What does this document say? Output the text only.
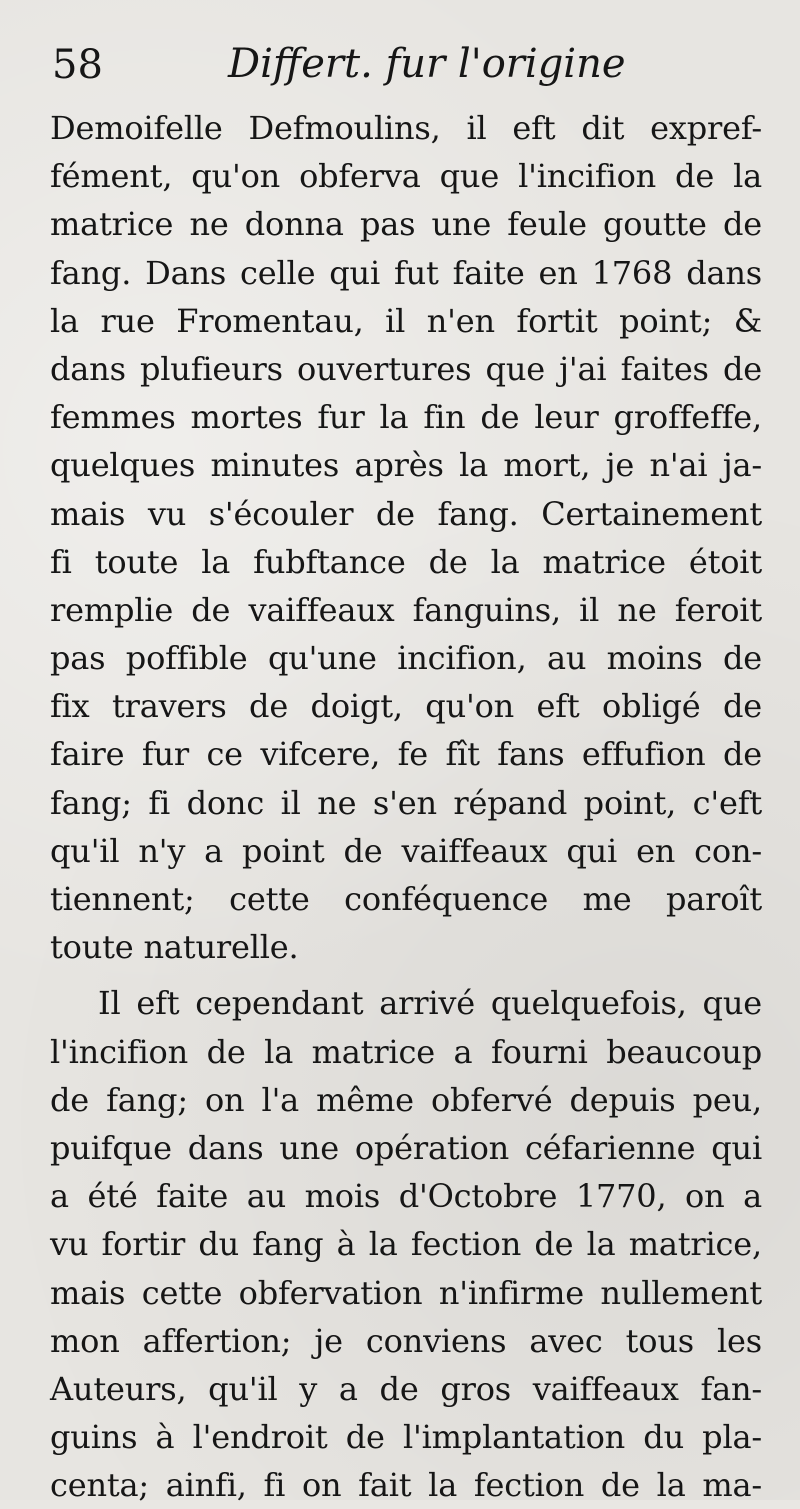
58	Differt. fur l'origine
Demoifelle Defmoulins, il eft dit expref-
fément, qu'on obferva que l'incifion de la
matrice ne donna pas une feule goutte de
fang. Dans celle qui fut faite en 1768 dans
la rue Fromentau, il n'en fortit point; &
dans plufieurs ouvertures que j'ai faites de
femmes mortes fur la fin de leur groffeffe,
quelques minutes après la mort, je n'ai ja-
mais vu s'écouler de fang. Certainement
fi toute la fubftance de la matrice étoit
remplie de vaiffeaux fanguins, il ne feroit
pas poffible qu'une incifion, au moins de
fix travers de doigt, qu'on eft obligé de
faire fur ce vifcere, fe fît fans effufion de
fang; fi donc il ne s'en répand point, c'eft
qu'il n'y a point de vaiffeaux qui en con-
tiennent; cette conféquence me paroît
toute naturelle.
Il eft cependant arrivé quelquefois, que
l'incifion de la matrice a fourni beaucoup
de fang; on l'a même obfervé depuis peu,
puifque dans une opération céfarienne qui
a été faite au mois d'Octobre 1770, on a
vu fortir du fang à la fection de la matrice,
mais cette obfervation n'infirme nullement
mon affertion; je conviens avec tous les
Auteurs, qu'il y a de gros vaiffeaux fan-
guins à l'endroit de l'implantation du pla-
centa; ainfi, fi on fait la fection de la ma-
